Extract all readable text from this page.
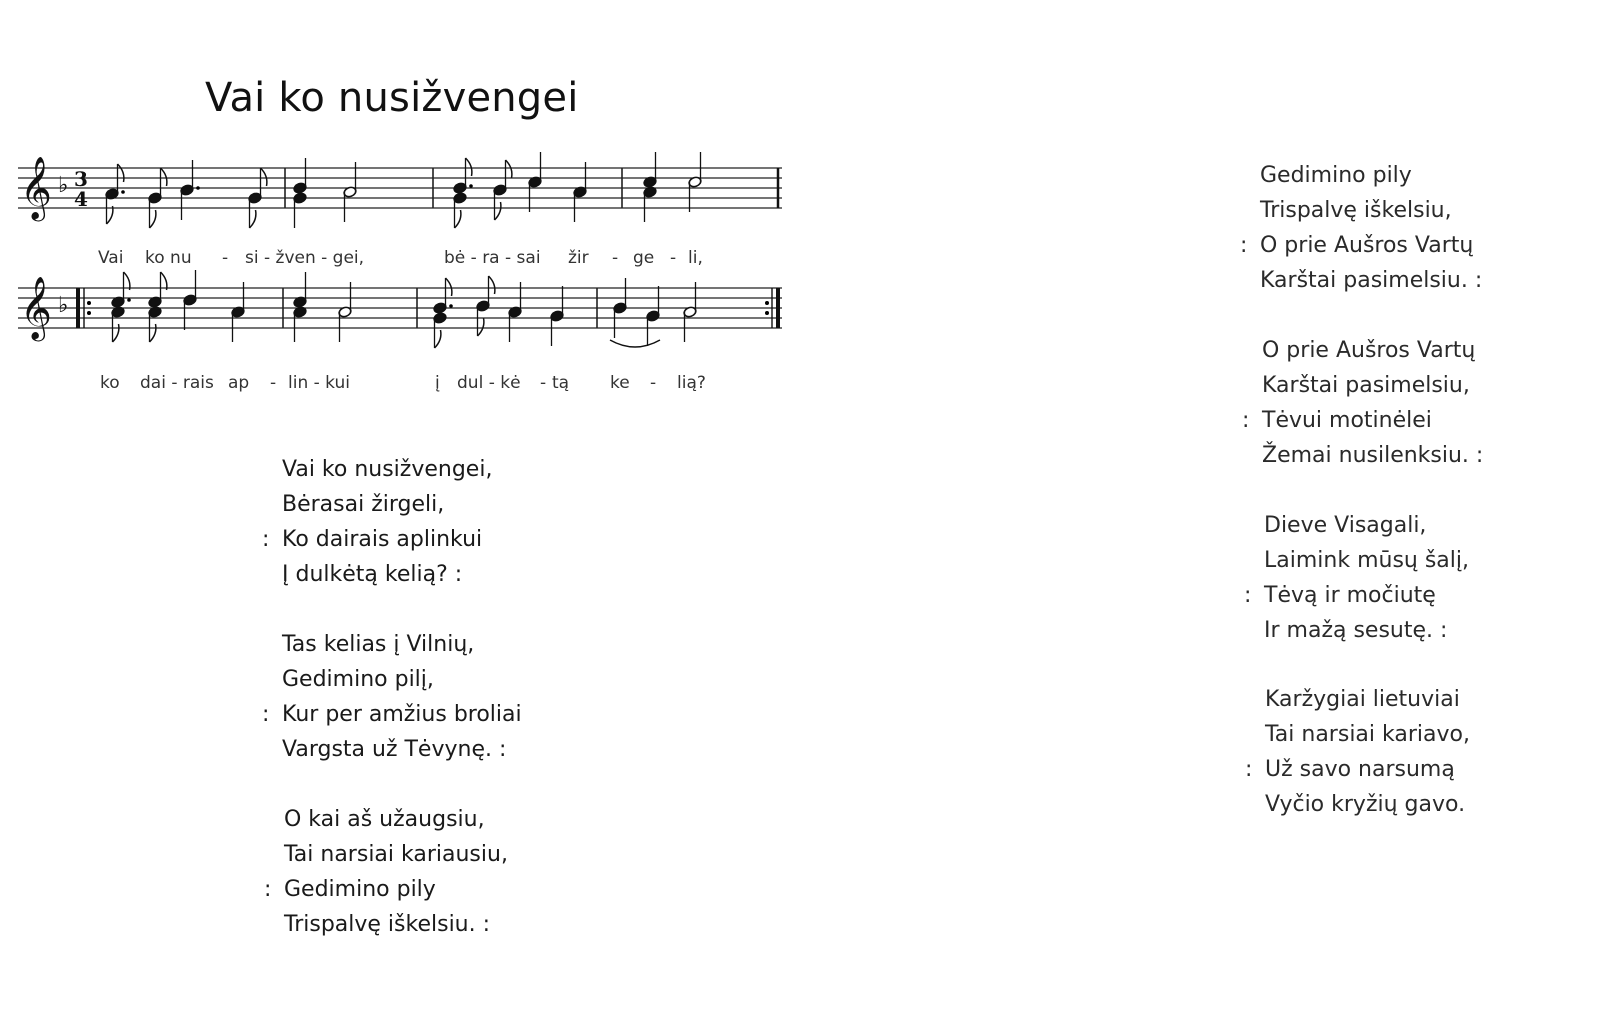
Vai ko nusižvengei
𝄞 ♭ 3
4
𝄞 ♭
Vai ko nu - si - žven - gei,	bė - ra - sai žir - ge - li,
ko dai - rais ap - lin - kui	į dul - kė - tą ke - lią?
Vai ko nusižvengei,
Bėrasai žirgeli,
: Ko dairais aplinkui
Į dulkėtą kelią? :
Tas kelias į Vilnių,
Gedimino pilį,
: Kur per amžius broliai
Vargsta už Tėvynę. :
O kai aš užaugsiu,
Tai narsiai kariausiu,
: Gedimino pily
Trispalvę iškelsiu. :
Gedimino pily
Trispalvę iškelsiu,
: O prie Aušros Vartų
Karštai pasimelsiu. :
O prie Aušros Vartų
Karštai pasimelsiu,
: Tėvui motinėlei
Žemai nusilenksiu. :
Dieve Visagali,
Laimink mūsų šalį,
: Tėvą ir močiutę
Ir mažą sesutę. :
Karžygiai lietuviai
Tai narsiai kariavo,
: Už savo narsumą
Vyčio kryžių gavo.
